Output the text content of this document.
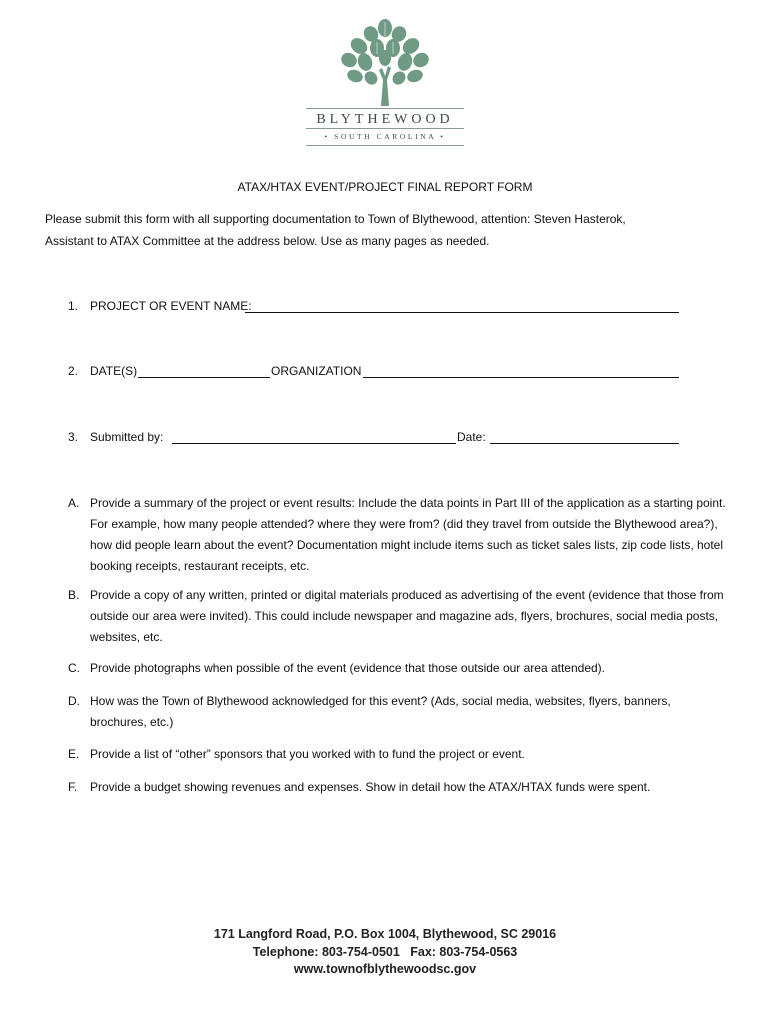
BLYTHEWOOD
• SOUTH CAROLINA •
ATAX/HTAX EVENT/PROJECT FINAL REPORT FORM
Please submit this form with all supporting documentation to Town of Blythewood, attention: Steven Hasterok,
Assistant to ATAX Committee at the address below. Use as many pages as needed.
1. PROJECT OR EVENT NAME:
2. DATE(S)	ORGANIZATION
3. Submitted by:	Date:
A. Provide a summary of the project or event results: Include the data points in Part III of the application as a starting point. For example, how many people attended? where they were from? (did they travel from outside the Blythewood area?), how did people learn about the event? Documentation might include items such as ticket sales lists, zip code lists, hotel booking receipts, restaurant receipts, etc.
B. Provide a copy of any written, printed or digital materials produced as advertising of the event (evidence that those from outside our area were invited). This could include newspaper and magazine ads, flyers, brochures, social media posts, websites, etc.
C. Provide photographs when possible of the event (evidence that those outside our area attended).
D. How was the Town of Blythewood acknowledged for this event? (Ads, social media, websites, flyers, banners, brochures, etc.)
E. Provide a list of “other” sponsors that you worked with to fund the project or event.
F. Provide a budget showing revenues and expenses. Show in detail how the ATAX/HTAX funds were spent.
171 Langford Road, P.O. Box 1004, Blythewood, SC 29016
Telephone: 803-754-0501   Fax: 803-754-0563
www.townofblythewoodsc.gov
